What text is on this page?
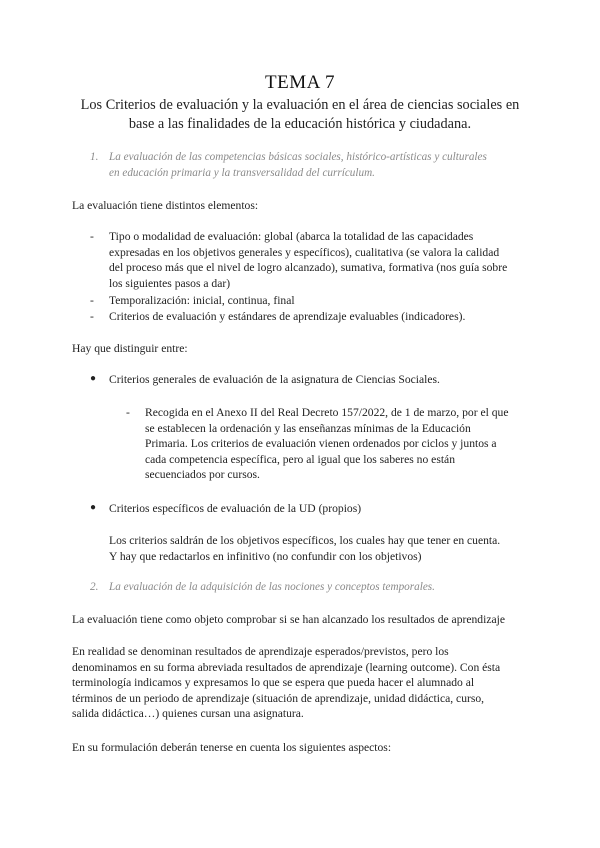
TEMA 7
Los Criterios de evaluación y la evaluación en el área de ciencias sociales en base a las finalidades de la educación histórica y ciudadana.
1. La evaluación de las competencias básicas sociales, histórico-artísticas y culturales
en educación primaria y la transversalidad del currículum.
La evaluación tiene distintos elementos:
- Tipo o modalidad de evaluación: global (abarca la totalidad de las capacidades
expresadas en los objetivos generales y específicos), cualitativa (se valora la calidad
del proceso más que el nivel de logro alcanzado), sumativa, formativa (nos guía sobre
los siguientes pasos a dar)
- Temporalización: inicial, continua, final
- Criterios de evaluación y estándares de aprendizaje evaluables (indicadores).
Hay que distinguir entre:
● Criterios generales de evaluación de la asignatura de Ciencias Sociales.
- Recogida en el Anexo II del Real Decreto 157/2022, de 1 de marzo, por el que
se establecen la ordenación y las enseñanzas mínimas de la Educación
Primaria. Los criterios de evaluación vienen ordenados por ciclos y juntos a
cada competencia específica, pero al igual que los saberes no están
secuenciados por cursos.
● Criterios específicos de evaluación de la UD (propios)
Los criterios saldrán de los objetivos específicos, los cuales hay que tener en cuenta.
Y hay que redactarlos en infinitivo (no confundir con los objetivos)
2. La evaluación de la adquisición de las nociones y conceptos temporales.
La evaluación tiene como objeto comprobar si se han alcanzado los resultados de aprendizaje
En realidad se denominan resultados de aprendizaje esperados/previstos, pero los
denominamos en su forma abreviada resultados de aprendizaje (learning outcome). Con ésta
terminología indicamos y expresamos lo que se espera que pueda hacer el alumnado al
términos de un periodo de aprendizaje (situación de aprendizaje, unidad didáctica, curso,
salida didáctica…) quienes cursan una asignatura.
En su formulación deberán tenerse en cuenta los siguientes aspectos:
